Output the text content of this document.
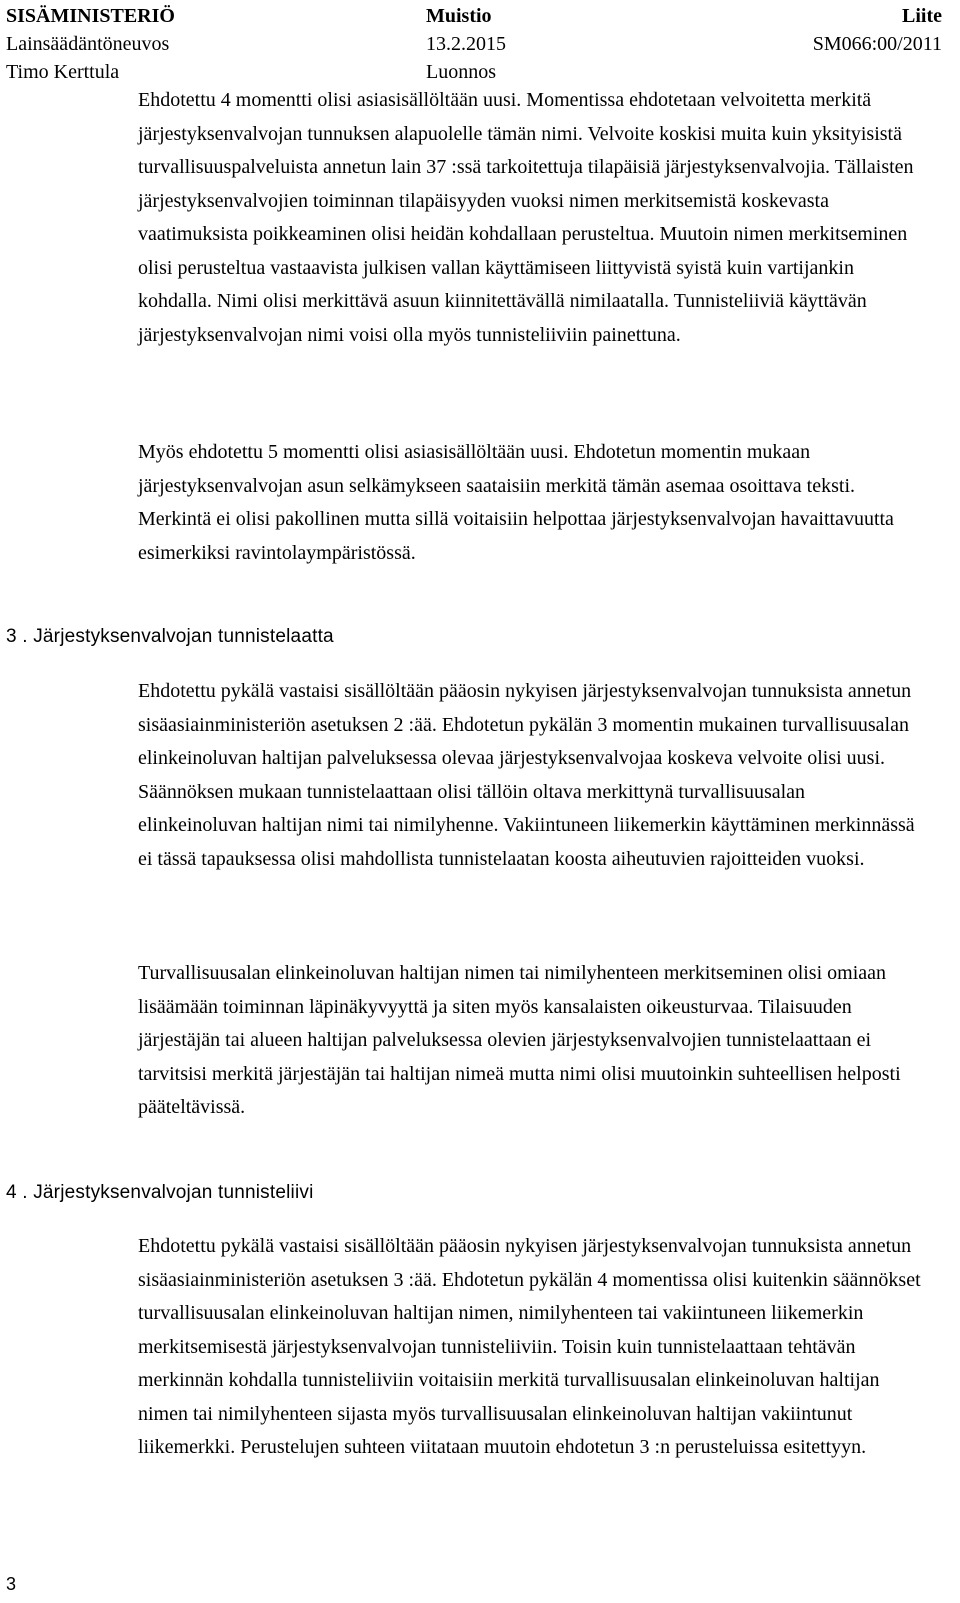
SISÄMINISTERIÖ	Muistio	Liite
Lainsäädäntöneuvos	13.2.2015	SM066:00/2011
Timo Kerttula	Luonnos

Ehdotettu 4 momentti olisi asiasisällöltään uusi. Momentissa ehdotetaan velvoitetta merkitä järjestyksenvalvojan tunnuksen alapuolelle tämän nimi. Velvoite koskisi muita kuin yksityisistä turvallisuuspalveluista annetun lain 37 :ssä tarkoitettuja tilapäisiä järjestyksenvalvojia. Tällaisten järjestyksenvalvojien toiminnan tilapäisyyden vuoksi nimen merkitsemistä koskevasta vaatimuksista poikkeaminen olisi heidän kohdallaan perusteltua. Muutoin nimen merkitseminen olisi perusteltua vastaavista julkisen vallan käyttämiseen liittyvistä syistä kuin vartijankin kohdalla. Nimi olisi merkittävä asuun kiinnitettävällä nimilaatalla. Tunnisteliiviä käyttävän järjestyksenvalvojan nimi voisi olla myös tunnisteliiviin painettuna.

Myös ehdotettu 5 momentti olisi asiasisällöltään uusi. Ehdotetun momentin mukaan järjestyksenvalvojan asun selkämykseen saataisiin merkitä tämän asemaa osoittava teksti. Merkintä ei olisi pakollinen mutta sillä voitaisiin helpottaa järjestyksenvalvojan havaittavuutta esimerkiksi ravintolaympäristössä.

3 . Järjestyksenvalvojan tunnistelaatta

Ehdotettu pykälä vastaisi sisällöltään pääosin nykyisen järjestyksenvalvojan tunnuksista annetun sisäasiainministeriön asetuksen 2 :ää. Ehdotetun pykälän 3 momentin mukainen turvallisuusalan elinkeinoluvan haltijan palveluksessa olevaa järjestyksenvalvojaa koskeva velvoite olisi uusi. Säännöksen mukaan tunnistelaattaan olisi tällöin oltava merkittynä turvallisuusalan elinkeinoluvan haltijan nimi tai nimilyhenne. Vakiintuneen liikemerkin käyttäminen merkinnässä ei tässä tapauksessa olisi mahdollista tunnistelaatan koosta aiheutuvien rajoitteiden vuoksi.

Turvallisuusalan elinkeinoluvan haltijan nimen tai nimilyhenteen merkitseminen olisi omiaan lisäämään toiminnan läpinäkyvyyttä ja siten myös kansalaisten oikeusturvaa. Tilaisuuden järjestäjän tai alueen haltijan palveluksessa olevien järjestyksenvalvojien tunnistelaattaan ei tarvitsisi merkitä järjestäjän tai haltijan nimeä mutta nimi olisi muutoinkin suhteellisen helposti pääteltävissä.

4 . Järjestyksenvalvojan tunnisteliivi

Ehdotettu pykälä vastaisi sisällöltään pääosin nykyisen järjestyksenvalvojan tunnuksista annetun sisäasiainministeriön asetuksen 3 :ää. Ehdotetun pykälän 4 momentissa olisi kuitenkin säännökset turvallisuusalan elinkeinoluvan haltijan nimen, nimilyhenteen tai vakiintuneen liikemerkin merkitsemisestä järjestyksenvalvojan tunnisteliiviin. Toisin kuin tunnistelaattaan tehtävän merkinnän kohdalla tunnisteliiviin voitaisiin merkitä turvallisuusalan elinkeinoluvan haltijan nimen tai nimilyhenteen sijasta myös turvallisuusalan elinkeinoluvan haltijan vakiintunut liikemerkki. Perustelujen suhteen viitataan muutoin ehdotetun 3 :n perusteluissa esitettyyn.

3
